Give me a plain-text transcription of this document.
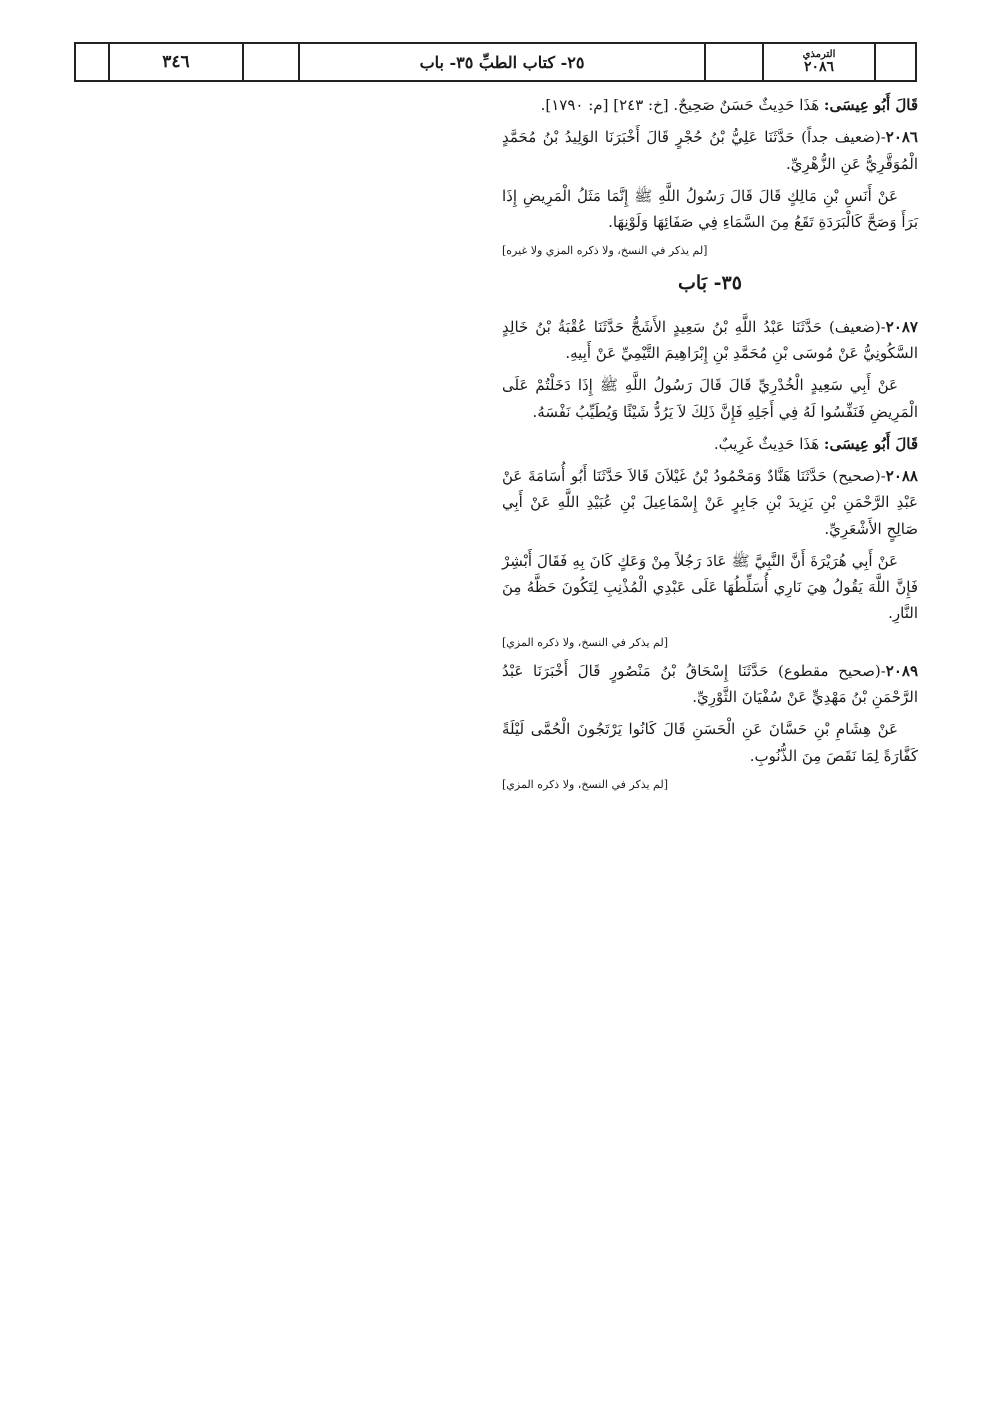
٣٤٦	٢٥- كتاب الطبِّ ٣٥- باب	الترمذي
٢٠٨٦

قَالَ أَبُو عِيسَى: هَذَا حَدِيثٌ حَسَنٌ صَحِيحٌ. [خ: ٢٤٣] [م: ١٧٩٠].

٢٠٨٦-(ضعيف جداً) حَدَّثَنَا عَلِيُّ بْنُ حُجْرٍ قَالَ أَخْبَرَنَا الوَلِيدُ بْنُ مُحَمَّدٍ الْمُوَقَّرِيُّ عَنِ الزُّهْرِيِّ.

عَنْ أَنَسِ بْنِ مَالِكٍ قَالَ قَالَ رَسُولُ اللَّهِ ﷺ إِنَّمَا مَثَلُ الْمَرِيضِ إِذَا بَرَأَ وَصَحَّ كَالْبَرَدَةِ تَقَعُ مِنَ السَّمَاءِ فِي صَفَائِهَا وَلَوْنِهَا.

[لم يذكر في النسخ، ولا ذكره المزي ولا غيره]

٣٥- بَاب

٢٠٨٧-(ضعيف) حَدَّثَنَا عَبْدُ اللَّهِ بْنُ سَعِيدٍ الأَشَجُّ حَدَّثَنَا عُقْبَةُ بْنُ خَالِدٍ السَّكُونِيُّ عَنْ مُوسَى بْنِ مُحَمَّدِ بْنِ إِبْرَاهِيمَ التَّيْمِيِّ عَنْ أَبِيهِ.

عَنْ أَبِي سَعِيدٍ الْخُدْرِيِّ قَالَ قَالَ رَسُولُ اللَّهِ ﷺ إِذَا دَخَلْتُمْ عَلَى الْمَرِيضِ فَنَفِّسُوا لَهُ فِي أَجَلِهِ فَإِنَّ ذَلِكَ لاَ يَرُدُّ شَيْئًا وَيُطَيِّبُ نَفْسَهُ.

قَالَ أَبُو عِيسَى: هَذَا حَدِيثٌ غَرِيبٌ.

٢٠٨٨-(صحيح) حَدَّثَنَا هَنَّادٌ وَمَحْمُودُ بْنُ غَيْلاَنَ قَالاَ حَدَّثَنَا أَبُو أُسَامَةَ عَنْ عَبْدِ الرَّحْمَنِ بْنِ يَزِيدَ بْنِ جَابِرٍ عَنْ إِسْمَاعِيلَ بْنِ عُبَيْدِ اللَّهِ عَنْ أَبِي صَالِحٍ الأَشْعَرِيِّ.

عَنْ أَبِي هُرَيْرَةَ أَنَّ النَّبِيَّ ﷺ عَادَ رَجُلاً مِنْ وَعَكٍ كَانَ بِهِ فَقَالَ أَبْشِرْ فَإِنَّ اللَّهَ يَقُولُ هِيَ نَارِي أُسَلِّطُهَا عَلَى عَبْدِي الْمُذْنِبِ لِتَكُونَ حَظَّهُ مِنَ النَّارِ.

[لم يذكر في النسخ، ولا ذكره المزي]

٢٠٨٩-(صحيح مقطوع) حَدَّثَنَا إِسْحَاقُ بْنُ مَنْصُورٍ قَالَ أَخْبَرَنَا عَبْدُ الرَّحْمَنِ بْنُ مَهْدِيٍّ عَنْ سُفْيَانَ الثَّوْرِيِّ.

عَنْ هِشَامِ بْنِ حَسَّانَ عَنِ الْحَسَنِ قَالَ كَانُوا يَرْتَجُونَ الْحُمَّى لَيْلَةً كَفَّارَةً لِمَا نَقَصَ مِنَ الذُّنُوبِ.

[لم يذكر في النسخ، ولا ذكره المزي]
